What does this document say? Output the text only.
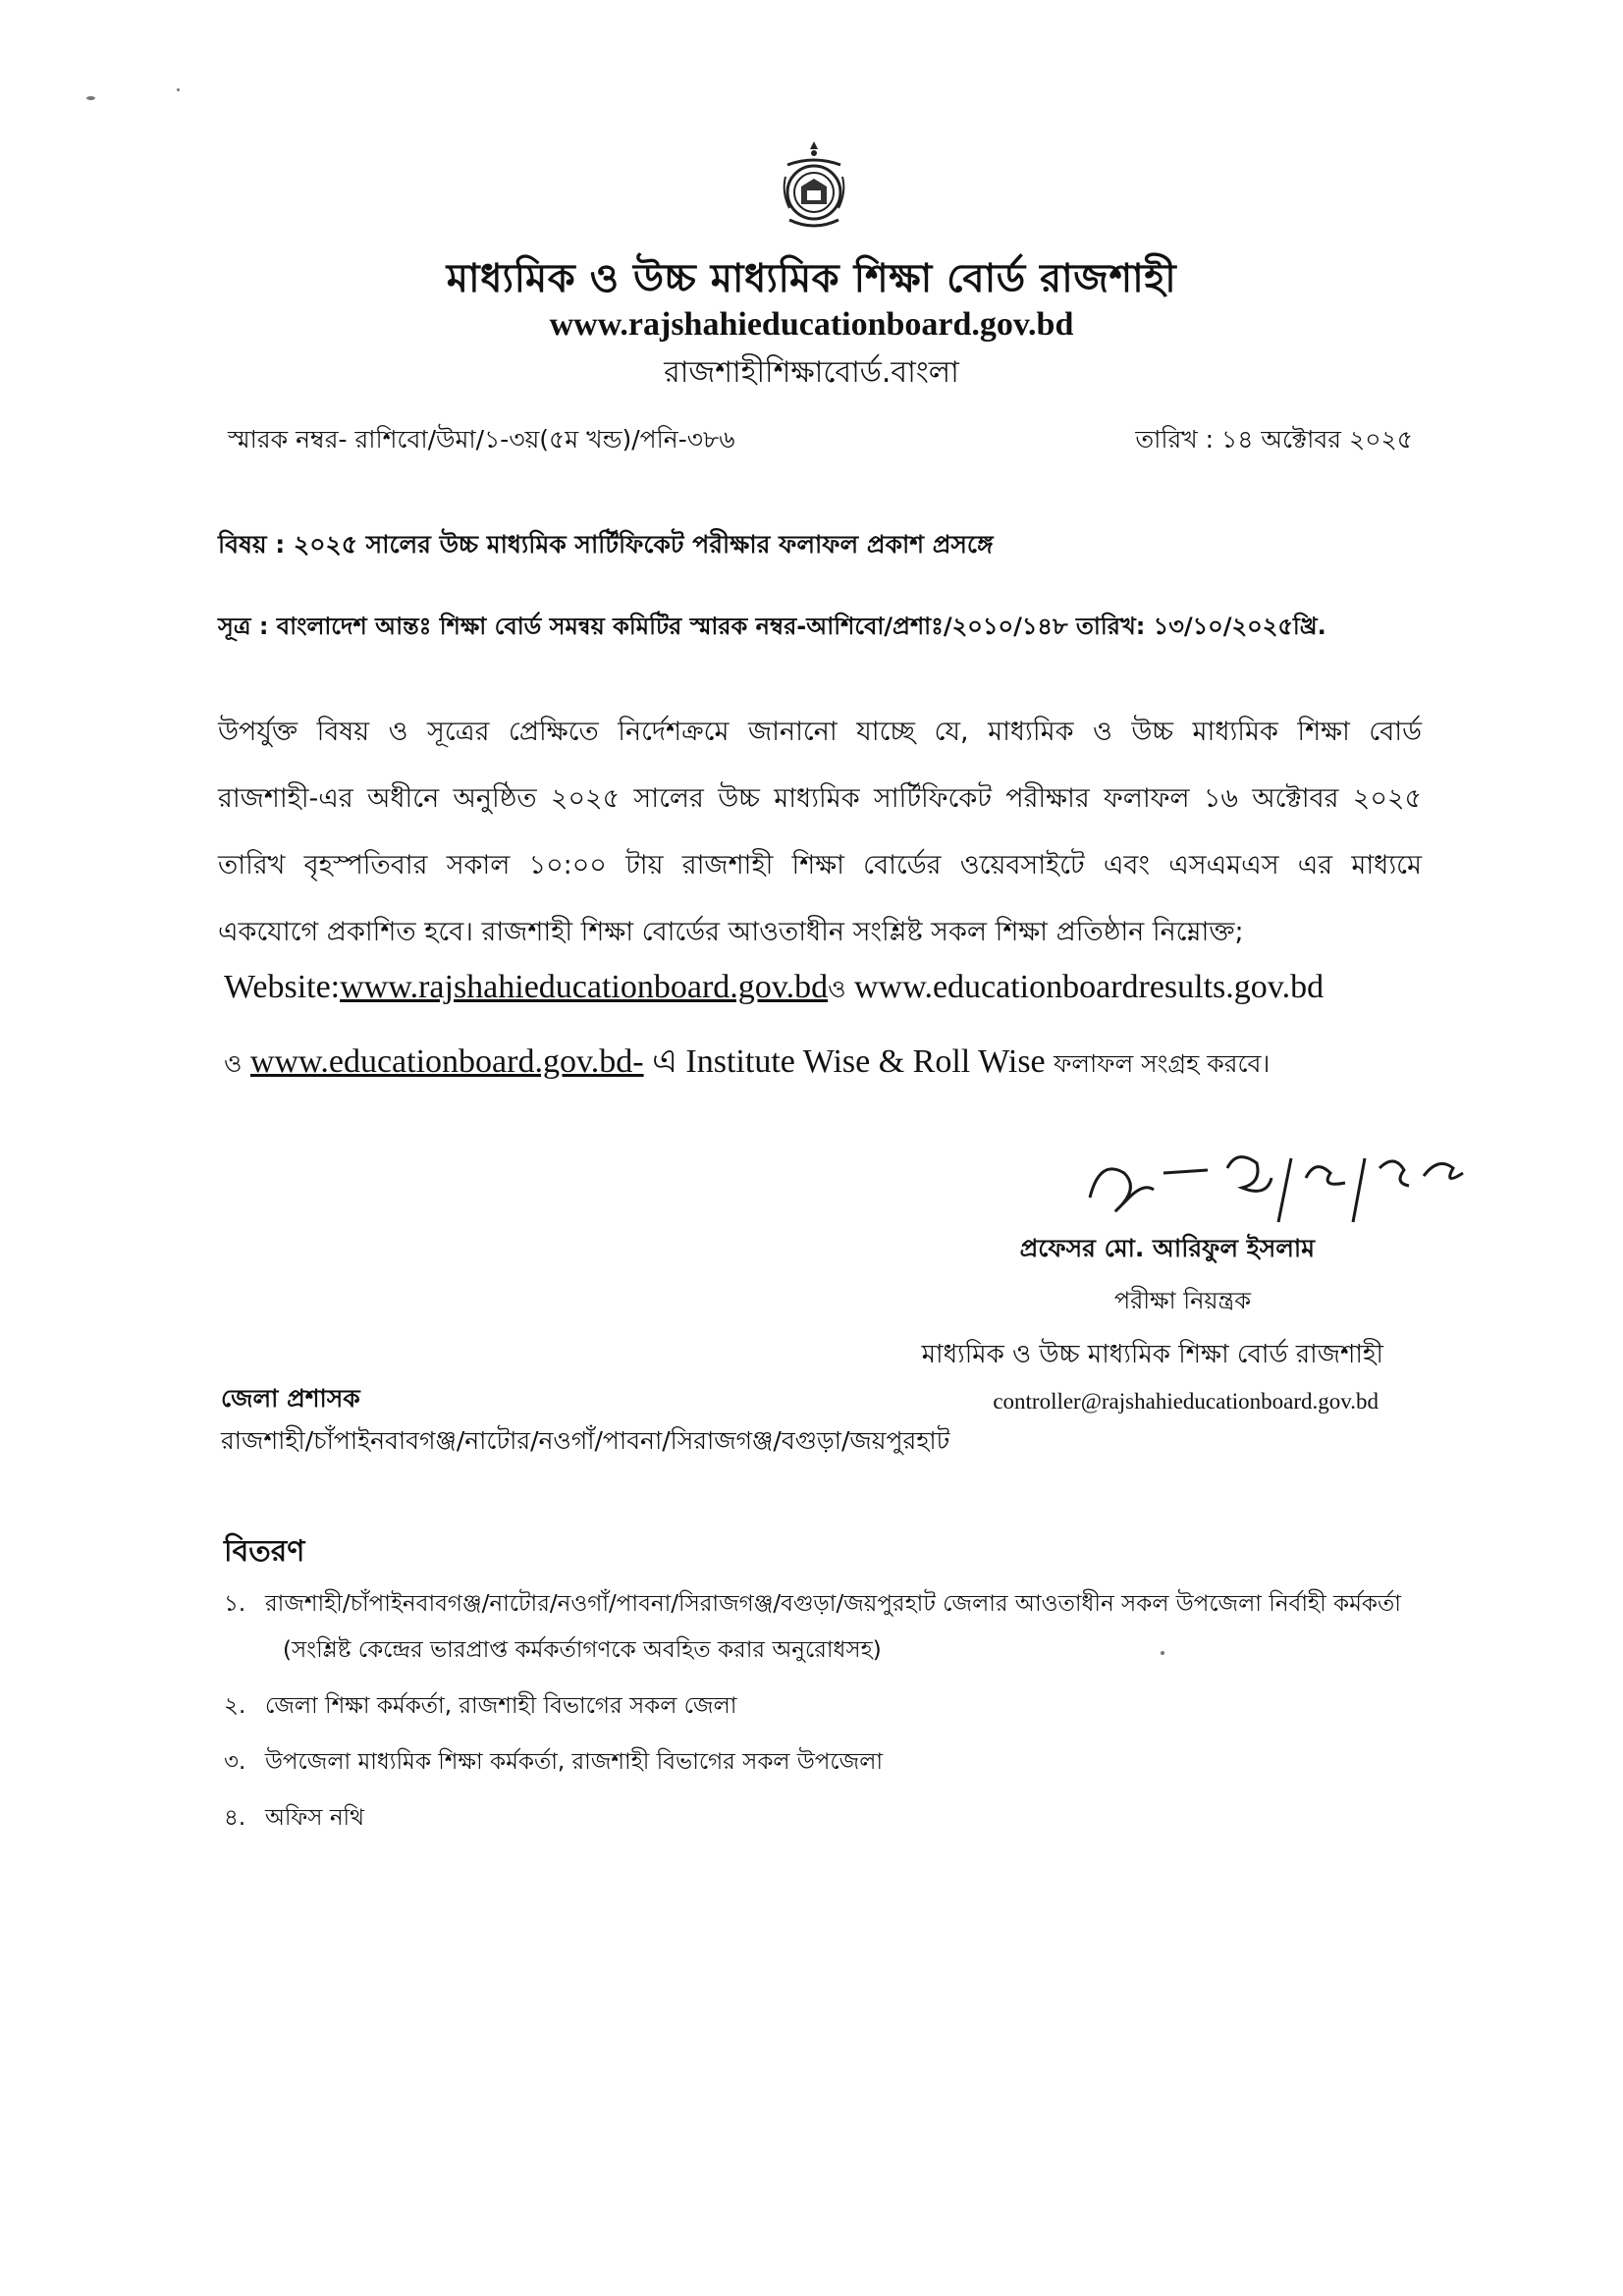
মাধ্যমিক ও উচ্চ মাধ্যমিক শিক্ষা বোর্ড রাজশাহী
www.rajshahieducationboard.gov.bd
রাজশাহীশিক্ষাবোর্ড.বাংলা
স্মারক নম্বর- রাশিবো/উমা/১-৩য়(৫ম খন্ড)/পনি-৩৮৬	তারিখ : ১৪ অক্টোবর ২০২৫
বিষয় : ২০২৫ সালের উচ্চ মাধ্যমিক সার্টিফিকেট পরীক্ষার ফলাফল প্রকাশ প্রসঙ্গে
সূত্র : বাংলাদেশ আন্তঃ শিক্ষা বোর্ড সমন্বয় কমিটির স্মারক নম্বর-আশিবো/প্রশাঃ/২০১০/১৪৮ তারিখ: ১৩/১০/২০২৫খ্রি.
উপর্যুক্ত বিষয় ও সূত্রের প্রেক্ষিতে নির্দেশক্রমে জানানো যাচ্ছে যে, মাধ্যমিক ও উচ্চ মাধ্যমিক শিক্ষা বোর্ড
রাজশাহী-এর অধীনে অনুষ্ঠিত ২০২৫ সালের উচ্চ মাধ্যমিক সার্টিফিকেট পরীক্ষার ফলাফল ১৬ অক্টোবর ২০২৫
তারিখ বৃহস্পতিবার সকাল ১০:০০ টায় রাজশাহী শিক্ষা বোর্ডের ওয়েবসাইটে এবং এসএমএস এর মাধ্যমে
একযোগে প্রকাশিত হবে। রাজশাহী শিক্ষা বোর্ডের আওতাধীন সংশ্লিষ্ট সকল শিক্ষা প্রতিষ্ঠান নিম্নোক্ত;
Website:www.rajshahieducationboard.gov.bdও www.educationboardresults.gov.bd
ও www.educationboard.gov.bd- এ Institute Wise & Roll Wise ফলাফল সংগ্রহ করবে।
প্রফেসর মো. আরিফুল ইসলাম
পরীক্ষা নিয়ন্ত্রক
মাধ্যমিক ও উচ্চ মাধ্যমিক শিক্ষা বোর্ড রাজশাহী
controller@rajshahieducationboard.gov.bd
জেলা প্রশাসক
রাজশাহী/চাঁপাইনবাবগঞ্জ/নাটোর/নওগাঁ/পাবনা/সিরাজগঞ্জ/বগুড়া/জয়পুরহাট
বিতরণ
১. রাজশাহী/চাঁপাইনবাবগঞ্জ/নাটোর/নওগাঁ/পাবনা/সিরাজগঞ্জ/বগুড়া/জয়পুরহাট জেলার আওতাধীন সকল উপজেলা নির্বাহী কর্মকর্তা
(সংশ্লিষ্ট কেন্দ্রের ভারপ্রাপ্ত কর্মকর্তাগণকে অবহিত করার অনুরোধসহ)
২. জেলা শিক্ষা কর্মকর্তা, রাজশাহী বিভাগের সকল জেলা
৩. উপজেলা মাধ্যমিক শিক্ষা কর্মকর্তা, রাজশাহী বিভাগের সকল উপজেলা
৪. অফিস নথি
